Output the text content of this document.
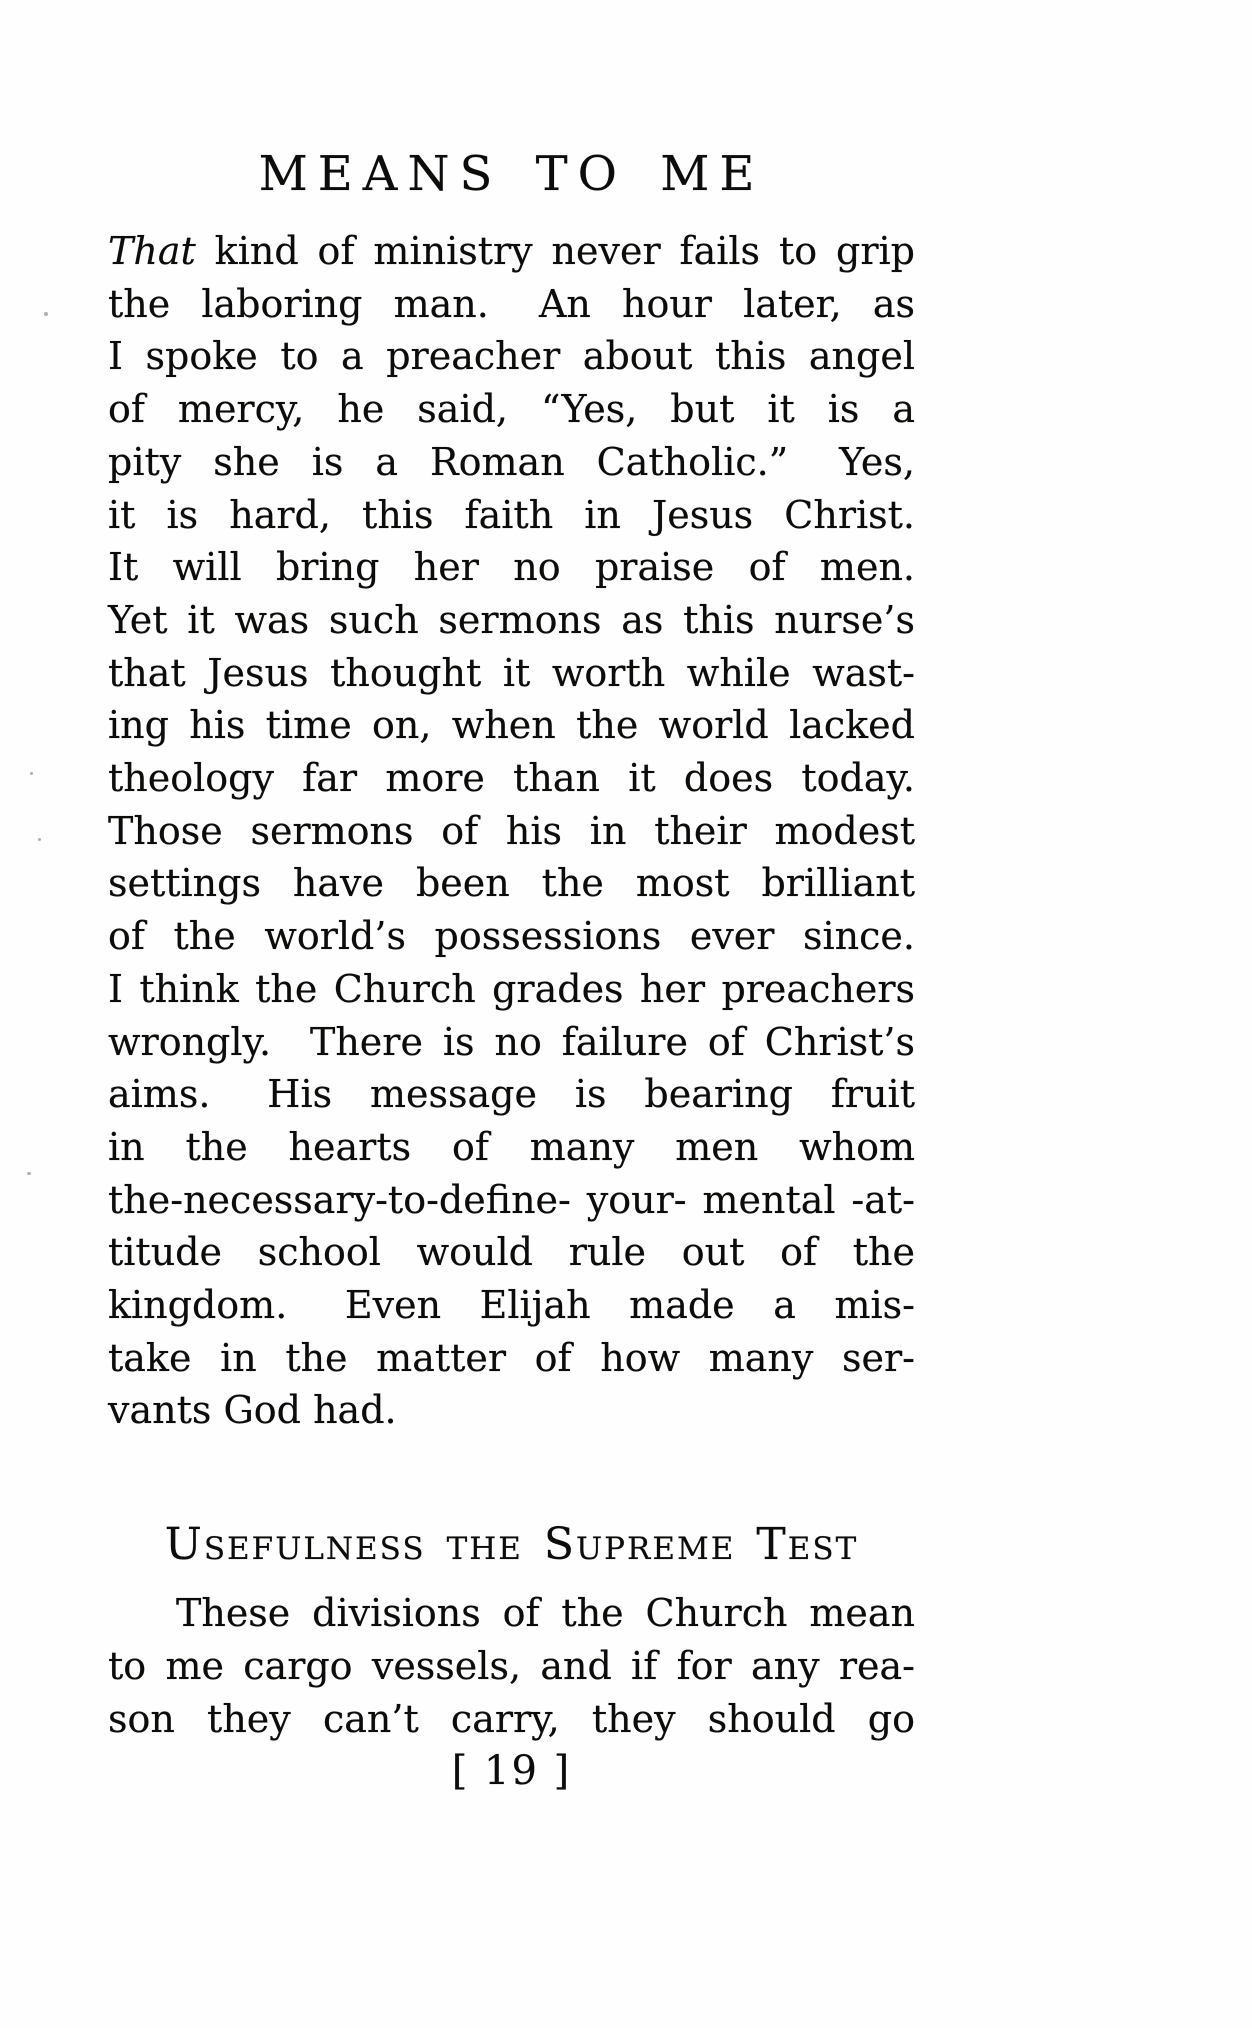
MEANS TO ME
That kind of ministry never fails to grip
the laboring man.  An hour later, as
I spoke to a preacher about this angel
of mercy, he said, “Yes, but it is a
pity she is a Roman Catholic.”  Yes,
it is hard, this faith in Jesus Christ.
It will bring her no praise of men.
Yet it was such sermons as this nurse’s
that Jesus thought it worth while wast-
ing his time on, when the world lacked
theology far more than it does today.
Those sermons of his in their modest
settings have been the most brilliant
of the world’s possessions ever since.
I think the Church grades her preachers
wrongly.  There is no failure of Christ’s
aims.  His message is bearing fruit
in the hearts of many men whom
the-necessary-to-define- your- mental -at-
titude school would rule out of the
kingdom.  Even Elijah made a mis-
take in the matter of how many ser-
vants God had.
Usefulness the Supreme Test
These divisions of the Church mean
to me cargo vessels, and if for any rea-
son they can’t carry, they should go
[ 19 ]
